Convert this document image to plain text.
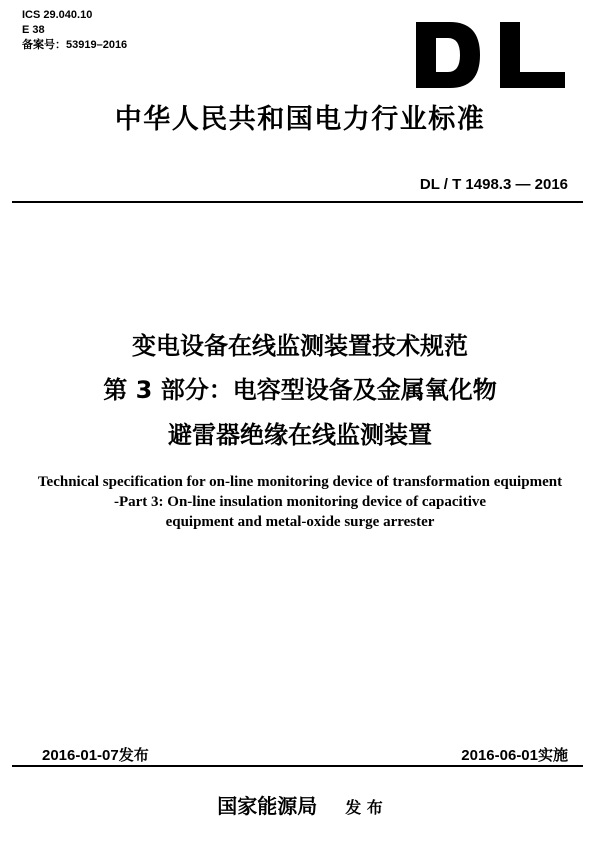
ICS 29.040.10
E 38
备案号：53919–2016
中华人民共和国电力行业标准
DL / T 1498.3 — 2016
变电设备在线监测装置技术规范
第 3 部分：电容型设备及金属氧化物
避雷器绝缘在线监测装置
Technical specification for on-line monitoring device of transformation equipment
-Part 3: On-line insulation monitoring device of capacitive
equipment and metal-oxide surge arrester
2016-01-07发布	2016-06-01实施
国家能源局 发 布
